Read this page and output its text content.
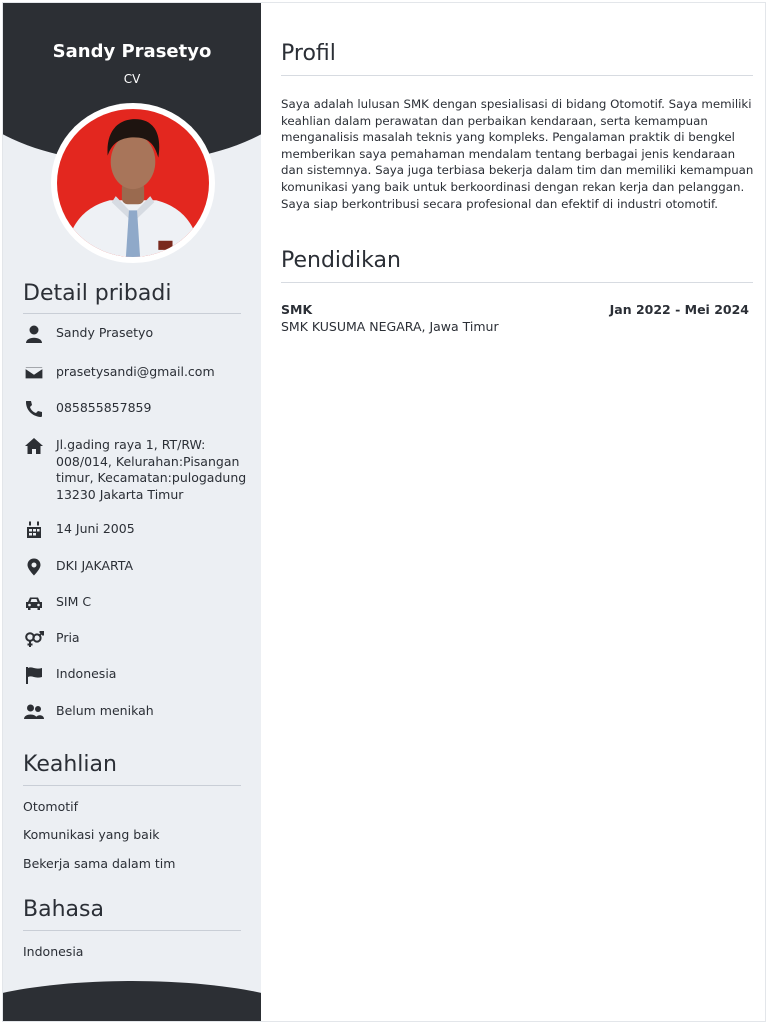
Sandy Prasetyo
CV
Detail pribadi
Sandy Prasetyo
prasetysandi@gmail.com
085855857859
Jl.gading raya 1, RT/RW: 008/014, Kelurahan:Pisangan timur, Kecamatan:pulogadung 13230 Jakarta Timur
14 Juni 2005
DKI JAKARTA
SIM C
Pria
Indonesia
Belum menikah
Keahlian
Otomotif
Komunikasi yang baik
Bekerja sama dalam tim
Bahasa
Indonesia
Profil
Saya adalah lulusan SMK dengan spesialisasi di bidang Otomotif. Saya memiliki keahlian dalam perawatan dan perbaikan kendaraan, serta kemampuan menganalisis masalah teknis yang kompleks. Pengalaman praktik di bengkel memberikan saya pemahaman mendalam tentang berbagai jenis kendaraan dan sistemnya. Saya juga terbiasa bekerja dalam tim dan memiliki kemampuan komunikasi yang baik untuk berkoordinasi dengan rekan kerja dan pelanggan. Saya siap berkontribusi secara profesional dan efektif di industri otomotif.
Pendidikan
SMK	Jan 2022 - Mei 2024
SMK KUSUMA NEGARA, Jawa Timur
